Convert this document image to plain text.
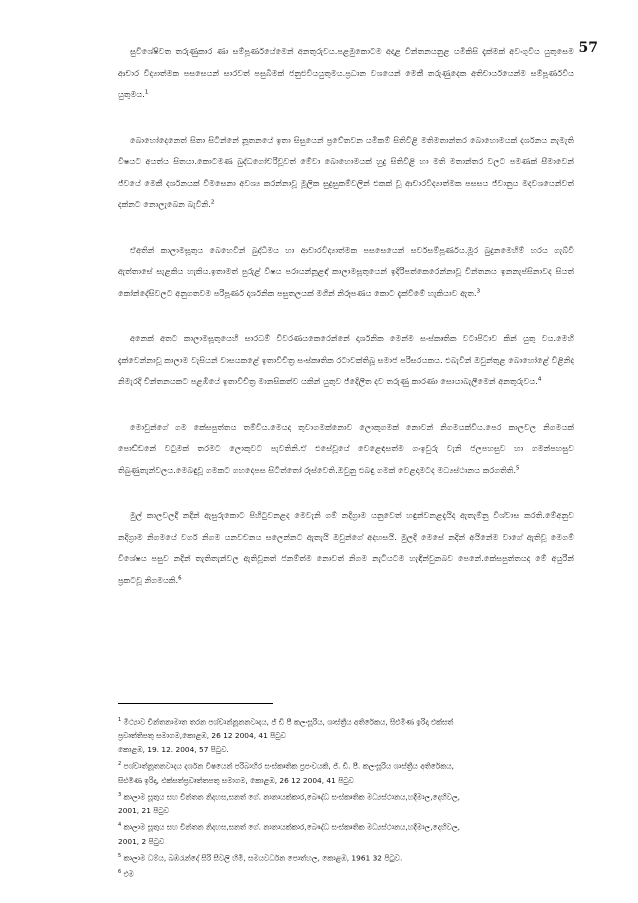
57

සුවිශේෂිවත තරුණුකාර ණා සම්පූර්ණයේමෙන් අනතුරුවය.පළමුකොටම අදාළ චින්තනයනුළ යමිකිසි දැක්මක් අවංගුවිය යුතුසෙම ආචාර විද්‍යාත්මක පසසෙයන් සාරවත් පසුබිමක් ජනුඑවියයුතුමය.ප්‍රධාන වශයෙන් මෙකී තරුණුදෙක අතිචාර්යයෙන්ම සම්පූර්ණවිය යුතුමය.$^1$

බොහෝදෙනෙත් සිතා සිටින්නේ නූතනයේ ඉතා සිසුයෙන් ප්‍රවේතවන යමිකම් සිතිවිළි මතිමතාන්තර බොහොමයක් දර්ශනය නැමැති විෂයට අයත්ය සිතයා.කොටමණ බුද්ධගෝචරිවූවත් මේවා බොහොමයක් හුදු සිතිවිළි හා මති මතාන්තර වලට පමණක් සීමාවෙන් ජ්වයේ මෙකී දර්ශනයක් වීමසෙනා අවශ්‍ය කරන්නාවූ මූලික සුදුසුකම්වලින් එකක් වූ ආචාරවිද්‍යාත්මක පසසය ජ්වානුය මදවශයෙන්වත් දක්නට නොලැබෙන බැවිනි.$^2$

ඒඅතින් කාලාමසූතුය බෙහෙවින් බුද්ධිමය හා ආචාරවිද්‍යාත්මක පසසෙයෙන් සර්වසම්පූර්ණය.මූර බුදුනමෙහිම් හරය ගැබ්වී ඇත්තාසේ සැළකිය හැකිය.ඉතාමත් පුරුළ් විෂය පරායන්නූළඳ් කාලාමසූතුයෙන් ඉදිරිපත්කෙරෙන්නාවූ චින්තනය ඉනනැප්සිනාවද සියත් කෝන්දේසිවලට අනුගතවම පරිපූර්ණ දාර්ශනික පසුතලයක් මගින් නිරූපණය කොට දැක්වීමේ හැකියාව ඇත.$^3$

අනෙක් අතට කාලාමසූතුයෙහි සාරධම් විවරණයකෙරෙන්නේ දාර්ශනික මෙන්ම සංස්කෘතික වටාපිටාව කින් යුතු වය.මෙහි දැක්වෙන්නාවූ කාලාම වැසියන් වාසයකළේ ඉතාවිචිත්‍ර සංස්කෘතික රටාවක්තිබූ සමාජ පරිසරයකය. එබැවින් ඔවුන්තුළ බොහෝළේ විළිනිද නිමැරදි චින්තනයකට පළඹියේ ඉතාවිචිත්‍ර මානසිකත්ව යකින් යුතුව ජ්දෙිලීත දව තරුණු කාරණා සොයාබැලීමෙන් අනතුරුවය.$^4$

මොවුන්ගේ ගම කේසපුත්තය තම්විය.මෙයද තුවාගමක්නොව ලොකුගමක් නොවන් නිගමයක්විය.පෙර කාලවල නිගමයක් පොඩ්ඩනෙ‍් වටුමක් තරමට ලොකුවට පැවතිනි.ඒ එසේවූයේ වෙළෙඳසත්ම ගංඉවුරු වැනි ජලපහසුව හා ගමන්පහසුව තිබුණුතැන්වලය.මෙබඳුවූ ගමකට ගහදෙපස සිටිත්තෝ රූස්වෙති.ඔවුනු එබඳු ගමක් වෙළදාමටද මධ්‍යස්ථානය කරගතිති.$^5$

මුල් කාලවලදී නදින් ඇසුරුකොට පිහිටුවනළද මෙවැනි ගම් නදිග්‍රාම යනුවෙත් හඳුන්වනළදැයිද ඇතැම්නු විශ්වාස කරති.මේඅනුව නදිග්‍රාම නිගමයේ වර්ග නිගම යනවචනය සලෙන්නට ඇතැයි ඔවුන්ගේ අදහසයි. මුලදි මෙසේ නදින් අයිනේම වාගේ ඇතිවූ මෙගම් විශේෂය පසුව නදින් තැතිතැන්වල ඇතිවූනත් ජනම්ත්ම නොවත් නිගම නැටියටම හැඳින්වුනබව පෙනේ.කේසපුත්තයද මේ අයුරින් ප්‍රකටවූ නිගමයකි.$^6$

$^1$ මිථ්‍යාව චින්තනාමාත තරන පශ්චාන්නූනනවාදය, ජ් ඩී පී කලංසූරිය, ශාස්ත්‍රීය අතිරේකය, සිළුමිණ ඉරිදා එක්සත්
ප්‍රවෘත්තිපතු සමාගම,කොළඹ, 26 12 2004, 41 පිටුව

කොළඹ, 19. 12. 2004, 57 පිටුව.

$^2$ පශ්චාත්නූතනවාදය දර්ශන විෂයෙන් පරිබාහිර සංස්කෘතික ප්‍රපංචයකි, ජ්. ඩී. පී. කලංසූරිය ශාස්ත්‍රීය අතිරේකය,
සිළුමිණ ඉරිදා, එක්සත්ප්‍රවෘත්තපතු සමාගම, කොළඹ, 26 12 2004, 41 පිටුව

$^3$ කාලාම සූතුය සහ චින්තන නිදහස,සනත් ගේ. නානායක්කාර,බෞද්ධ සංස්කෘතික මධ්‍යස්ථානය,හදීමාල,දෙහිවල,
2001, 21 පිටුව

$^4$ කාලාම සූතුය සහ චින්තන නිදහස,සනත් ගේ. නානායක්කාර,බෞද්ධ සංස්කෘතික මධ්‍යස්ථානය,හදීමාල,දෙහිවල,
2001, 2 පිටුව

$^5$ කාලාම ධම්ය, බඹරැන්දේ සිරි සීවලි හිමි, සමයවර්ධන පොත්හල, කොළඹ, 1961 32 පිටුව.

$^6$ එම
